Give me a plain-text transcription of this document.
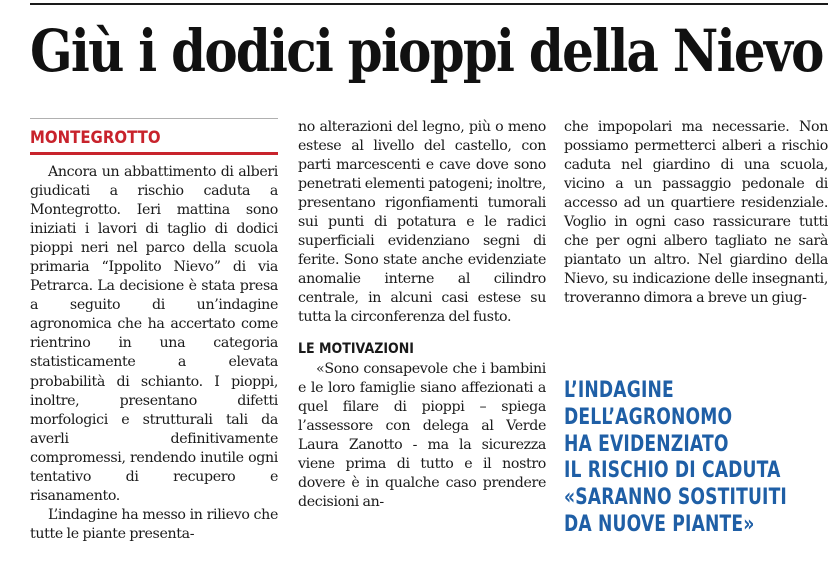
Giù i dodici pioppi della Nievo
MONTEGROTTO

Ancora un abbattimento di alberi giudicati a rischio caduta a Montegrotto. Ieri mattina sono iniziati i lavori di taglio di dodici pioppi neri nel parco della scuola primaria “Ippolito Nievo” di via Petrarca. La decisione è stata presa a seguito di un’indagine agronomica che ha accertato come rientrino in una categoria statisticamente a elevata probabilità di schianto. I pioppi, inoltre, presentano difetti morfologici e strutturali tali da averli definitivamente compromessi, rendendo inutile ogni tentativo di recupero e risanamento.

L’indagine ha messo in rilievo che tutte le piante presenta-

no alterazioni del legno, più o meno estese al livello del castello, con parti marcescenti e cave dove sono penetrati elementi patogeni; inoltre, presentano rigonfiamenti tumorali sui punti di potatura e le radici superficiali evidenziano segni di ferite. Sono state anche evidenziate anomalie interne al cilindro centrale, in alcuni casi estese su tutta la circonferenza del fusto.

LE MOTIVAZIONI

«Sono consapevole che i bambini e le loro famiglie siano affezionati a quel filare di pioppi – spiega l’assessore con delega al Verde Laura Zanotto - ma la sicurezza viene prima di tutto e il nostro dovere è in qualche caso prendere decisioni an-

che impopolari ma necessarie. Non possiamo permetterci alberi a rischio caduta nel giardino di una scuola, vicino a un passaggio pedonale di accesso ad un quartiere residenziale. Voglio in ogni caso rassicurare tutti che per ogni albero tagliato ne sarà piantato un altro. Nel giardino della Nievo, su indicazione delle insegnanti, troveranno dimora a breve un giug-

L’INDAGINE
DELL’AGRONOMO
HA EVIDENZIATO
IL RISCHIO DI CADUTA
«SARANNO SOSTITUITI
DA NUOVE PIANTE»
